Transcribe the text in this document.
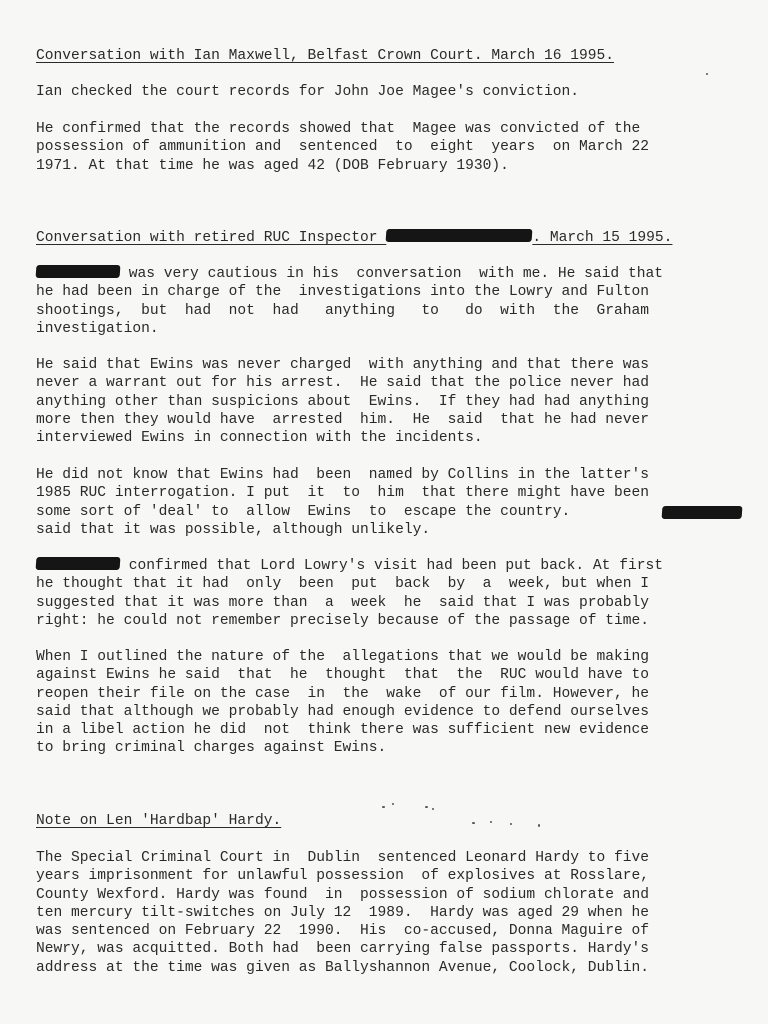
Conversation with Ian Maxwell, Belfast Crown Court. March 16 1995.
Ian checked the court records for John Joe Magee's conviction.
He confirmed that the records showed that  Magee was convicted of the
possession of ammunition and  sentenced  to  eight  years  on March 22
1971. At that time he was aged 42 (DOB February 1930).
Conversation with retired RUC Inspector	. March 15 1995.
was very cautious in his  conversation  with me. He said that
he had been in charge of the  investigations into the Lowry and Fulton
shootings,  but  had  not  had   anything   to   do  with  the  Graham
investigation.
He said that Ewins was never charged  with anything and that there was
never a warrant out for his arrest.  He said that the police never had
anything other than suspicions about  Ewins.  If they had had anything
more then they would have  arrested  him.  He  said  that he had never
interviewed Ewins in connection with the incidents.
He did not know that Ewins had  been  named by Collins in the latter's
1985 RUC interrogation. I put  it  to  him  that there might have been
some sort of 'deal' to  allow  Ewins  to  escape the country.
said that it was possible, although unlikely.
confirmed that Lord Lowry's visit had been put back. At first
he thought that it had  only  been  put  back  by  a  week, but when I
suggested that it was more than  a  week  he  said that I was probably
right: he could not remember precisely because of the passage of time.
When I outlined the nature of the  allegations that we would be making
against Ewins he said  that  he  thought  that  the  RUC would have to
reopen their file on the case  in  the  wake  of our film. However, he
said that although we probably had enough evidence to defend ourselves
in a libel action he did  not  think there was sufficient new evidence
to bring criminal charges against Ewins.
Note on Len 'Hardbap' Hardy.
The Special Criminal Court in  Dublin  sentenced Leonard Hardy to five
years imprisonment for unlawful possession  of explosives at Rosslare,
County Wexford. Hardy was found  in  possession of sodium chlorate and
ten mercury tilt-switches on July 12  1989.  Hardy was aged 29 when he
was sentenced on February 22  1990.  His  co-accused, Donna Maguire of
Newry, was acquitted. Both had  been carrying false passports. Hardy's
address at the time was given as Ballyshannon Avenue, Coolock, Dublin.
